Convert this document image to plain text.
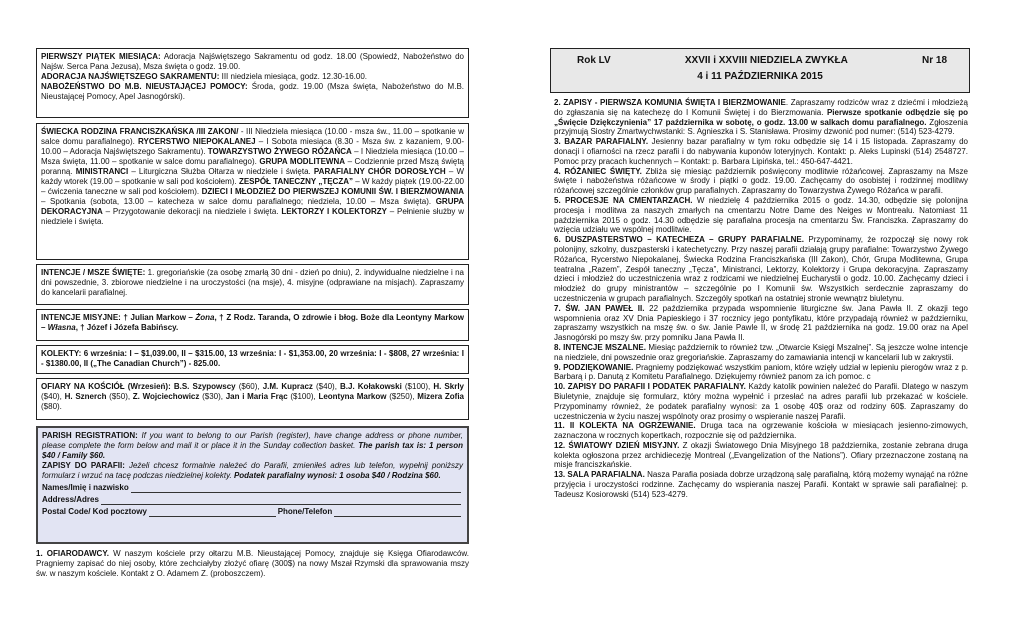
PIERWSZY PIĄTEK MIESIĄCA: Adoracja Najświętszego Sakramentu od godz. 18.00 (Spowiedź, Nabożeństwo do Najśw. Serca Pana Jezusa), Msza święta o godz. 19.00.
ADORACJA NAJŚWIĘTSZEGO SAKRAMENTU: III niedziela miesiąca, godz. 12.30-16.00.
NABOŻEŃSTWO DO M.B. NIEUSTAJĄCEJ POMOCY: Środa, godz. 19.00 (Msza święta, Nabożeństwo do M.B. Nieustającej Pomocy, Apel Jasnogórski).
ŚWIECKA RODZINA FRANCISZKAŃSKA /III ZAKON/ - III Niedziela miesiąca (10.00 - msza św., 11.00 – spotkanie w salce domu parafialnego). RYCERSTWO NIEPOKALANEJ – I Sobota miesiąca (8.30 - Msza św. z kazaniem, 9.00-10.00 – Adoracja Najświętszego Sakramentu). TOWARZYSTWO ŻYWEGO RÓŻAŃCA – I Niedziela miesiąca (10.00 – Msza święta, 11.00 – spotkanie w salce domu parafialnego). GRUPA MODLITEWNA – Codziennie przed Mszą świętą poranną. MINISTRANCI – Liturgiczna Służba Ołtarza w niedziele i święta. PARAFIALNY CHÓR DOROSŁYCH – W każdy wtorek (19.00 – spotkanie w sali pod kościołem). ZESPÓŁ TANECZNY „TĘCZA” – W każdy piątek (19.00-22.00 – ćwiczenia taneczne w sali pod kościołem). DZIECI I MŁODZIEŻ DO PIERWSZEJ KOMUNII ŚW. I BIERZMOWANIA – Spotkania (sobota, 13.00 – katecheza w salce domu parafialnego; niedziela, 10.00 – Msza święta). GRUPA DEKORACYJNA – Przygotowanie dekoracji na niedziele i święta. LEKTORZY I KOLEKTORZY – Pełnienie służby w niedziele i święta.
INTENCJE / MSZE ŚWIĘTE: 1. gregoriańskie (za osobę zmarłą 30 dni - dzień po dniu), 2. indywidualne niedzielne i na dni powszednie, 3. zbiorowe niedzielne i na uroczystości (na msje), 4. misyjne (odprawiane na misjach). Zapraszamy do kancelarii parafialnej.
INTENCJE MISYJNE: † Julian Markow – Żona, † Z Rodz. Taranda, O zdrowie i błog. Boże dla Leontyny Markow – Własna, † Józef i Józefa Babińscy.
KOLEKTY: 6 września: I – $1,039.00, II – $315.00, 13 września: I - $1,353.00, 20 września: I - $808, 27 września: I - $1380.00, II („The Canadian Church”) - 825.00.
OFIARY NA KOŚCIÓŁ (Wrzesień): B.S. Szypowscy ($60), J.M. Kupracz ($40), B.J. Kołakowski ($100), H. Skrly ($40), H. Sznerch ($50), Z. Wojciechowicz ($30), Jan i Maria Frąc ($100), Leontyna Markow ($250), Mizera Zofia ($80).
PARISH REGISTRATION: If you want to belong to our Parish (register), have change address or phone number, please complete the form below and mail it or place it in the Sunday collection basket. The parish tax is: 1 person $40 / Family $60.
ZAPISY DO PARAFII: Jeżeli chcesz formalnie należeć do Parafii, zmieniłeś adres lub telefon, wypełnij poniższy formularz i wrzuć na tacę podczas niedzielnej kolekty. Podatek parafialny wynosi: 1 osoba $40 / Rodzina $60.
Names/Imię i nazwisko
Address/Adres
Postal Code/ Kod pocztowy	Phone/Telefon
1. OFIARODAWCY. W naszym kościele przy ołtarzu M.B. Nieustającej Pomocy, znajduje się Księga Ofiarodawców. Pragniemy zapisać do niej osoby, które zechciałyby złożyć ofiarę (300$) na nowy Mszał Rzymski dla sprawowania mszy św. w naszym kościele. Kontakt z O. Adamem Z. (proboszczem).
Rok LV	XXVII i XXVIII NIEDZIELA ZWYKŁA	Nr 18
4 i 11 PAŹDZIERNIKA 2015

2. ZAPISY - PIERWSZA KOMUNIA ŚWIĘTA I BIERZMOWANIE. Zapraszamy rodziców wraz z dziećmi i młodzieżą do zgłaszania się na katechezę do I Komunii Świętej i do Bierzmowania. Pierwsze spotkanie odbędzie się po „Święcie Dziękczynienia” 17 października w sobotę, o godz. 13.00 w salkach domu parafialnego. Zgłoszenia przyjmują Siostry Zmartwychwstanki: S. Agnieszka i S. Stanisława. Prosimy dzwonić pod numer: (514) 523-4279.

3. BAZAR PARAFIALNY. Jesienny bazar parafialny w tym roku odbędzie się 14 i 15 listopada. Zapraszamy do donacji i ofiarności na rzecz parafii i do nabywania kuponów loteryjnych. Kontakt: p. Aleks Lupinski (514) 2548727. Pomoc przy pracach kuchennych – Kontakt: p. Barbara Lipińska, tel.: 450-647-4421.

4. RÓŻANIEC ŚWIĘTY. Zbliża się miesiąc październik poświęcony modlitwie różańcowej. Zapraszamy na Msze święte i nabożeństwa różańcowe w środy i piątki o godz. 19.00. Zachęcamy do osobistej i rodzinnej modlitwy różańcowej szczególnie członków grup parafialnych. Zapraszamy do Towarzystwa Żywego Różańca w parafii.

5. PROCESJE NA CMENTARZACH. W niedzielę 4 października 2015 o godz. 14.30, odbędzie się polonijna procesja i modlitwa za naszych zmarłych na cmentarzu Notre Dame des Neiges w Montrealu. Natomiast 11 października 2015 o godz. 14.30 odbędzie się parafialna procesja na cmentarzu Św. Franciszka. Zapraszamy do wzięcia udziału we wspólnej modlitwie.

6. DUSZPASTERSTWO – KATECHEZA – GRUPY PARAFIALNE. Przypominamy, że rozpoczął się nowy rok polonijny, szkolny, duszpasterski i katechetyczny. Przy naszej parafii działają grupy parafialne: Towarzystwo Żywego Różańca, Rycerstwo Niepokalanej, Świecka Rodzina Franciszkańska (III Zakon), Chór, Grupa Modlitewna, Grupa teatralna „Razem”, Zespół taneczny „Tęcza”, Ministranci, Lektorzy, Kolektorzy i Grupa dekoracyjna. Zapraszamy dzieci i młodzież do uczestniczenia wraz z rodzicami we niedzielnej Eucharystii o godz. 10.00. Zachęcamy dzieci i młodzież do grupy ministrantów – szczególnie po I Komunii św. Wszystkich serdecznie zapraszamy do uczestniczenia w grupach parafialnych. Szczególy spotkań na ostatniej stronie wewnątrz biuletynu.

7. ŚW. JAN PAWEŁ II. 22 października przypada wspomnienie liturgiczne św. Jana Pawła II. Z okazji tego wspomnienia oraz XV Dnia Papieskiego i 37 rocznicy jego pontyfikatu, które przypadają również w październiku, zapraszamy wszystkich na mszę św. o św. Janie Pawle II, w środę 21 października na godz. 19.00 oraz na Apel Jasnogórski po mszy św. przy pomniku Jana Pawła II.

8. INTENCJE MSZALNE. Miesiąc październik to również tzw. „Otwarcie Księgi Mszalnej”. Są jeszcze wolne intencje na niedziele, dni powszednie oraz gregoriańskie. Zapraszamy do zamawiania intencji w kancelarii lub w zakrystii.

9. PODZIĘKOWANIE. Pragniemy podziękować wszystkim paniom, które wzięły udział w lepieniu pierogów wraz z p. Barbarą i p. Danutą z Komitetu Parafialnego. Dziękujemy również panom za ich pomoc. c

10. ZAPISY DO PARAFII I PODATEK PARAFIALNY. Każdy katolik powinien należeć do Parafii. Dlatego w naszym Biuletynie, znajduje się formularz, który można wypełnić i przesłać na adres parafii lub przekazać w kościele. Przypominamy również, że podatek parafialny wynosi: za 1 osobę 40$ oraz od rodziny 60$. Zapraszamy do uczestniczenia w życiu naszej wspólnoty oraz prosimy o wspieranie naszej Parafii.

11. II KOLEKTA NA OGRZEWANIE. Druga taca na ogrzewanie kościoła w miesiącach jesienno-zimowych, zaznaczona w rocznych kopertkach, rozpocznie się od października.

12. ŚWIATOWY DZIEŃ MISYJNY. Z okazji Światowego Dnia Misyjnego 18 października, zostanie zebrana druga kolekta ogłoszona przez archidiecezję Montreal („Evangelization of the Nations”). Ofiary przeznaczone zostaną na misje franciszkańskie.

13. SALA PARAFIALNA. Nasza Parafia posiada dobrze urządzoną salę parafialną, którą możemy wynająć na różne przyjęcia i uroczystości rodzinne. Zachęcamy do wspierania naszej Parafii. Kontakt w sprawie sali parafialnej: p. Tadeusz Kosiorowski (514) 523-4279.
